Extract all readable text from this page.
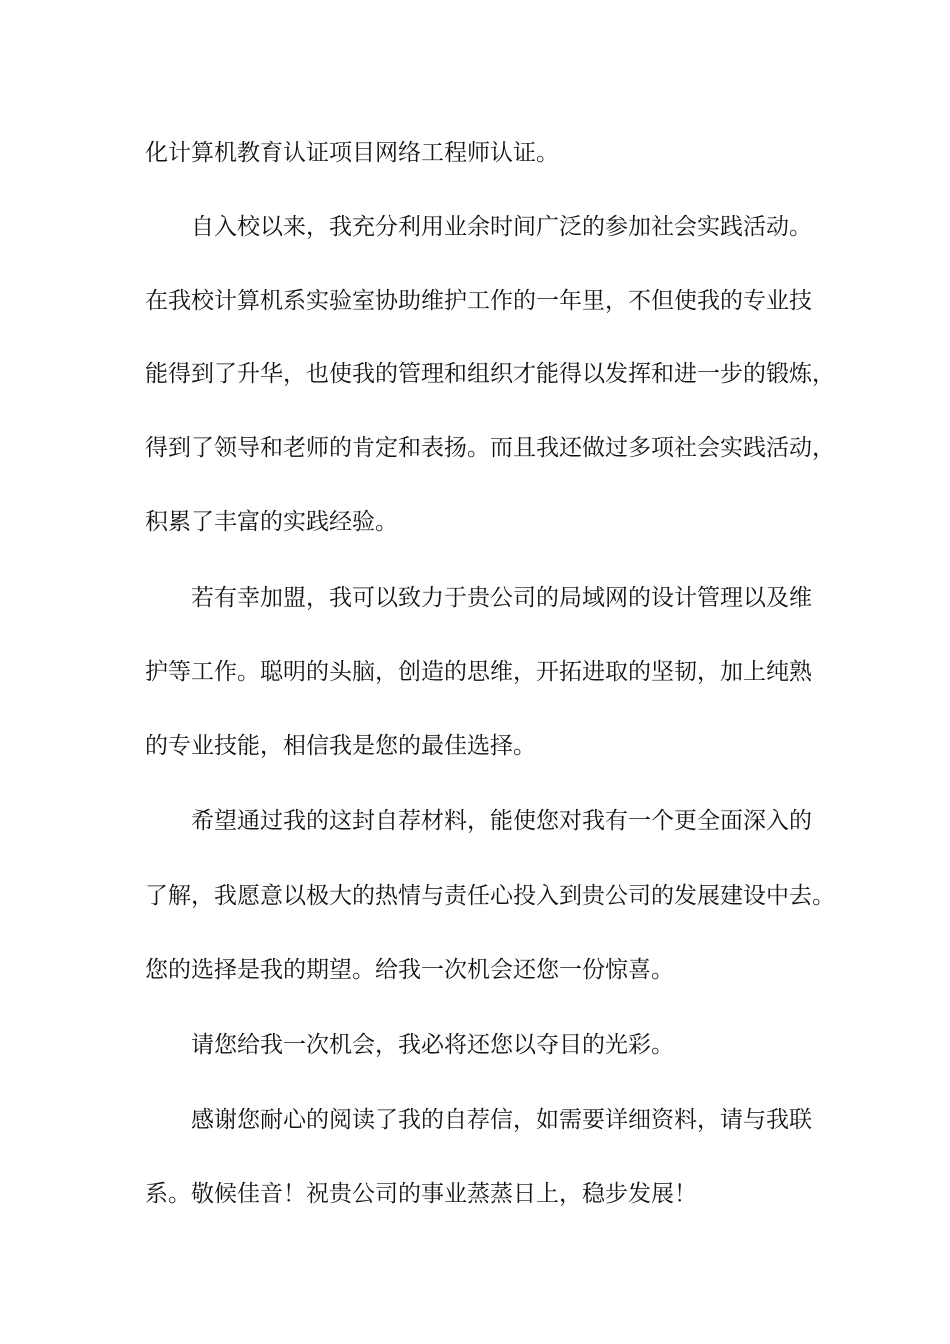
化计算机教育认证项目网络工程师认证。
自入校以来，我充分利用业余时间广泛的参加社会实践活动。
在我校计算机系实验室协助维护工作的一年里，不但使我的专业技
能得到了升华，也使我的管理和组织才能得以发挥和进一步的锻炼，
得到了领导和老师的肯定和表扬。而且我还做过多项社会实践活动，
积累了丰富的实践经验。
若有幸加盟，我可以致力于贵公司的局域网的设计管理以及维
护等工作。聪明的头脑，创造的思维，开拓进取的坚韧，加上纯熟
的专业技能，相信我是您的最佳选择。
希望通过我的这封自荐材料，能使您对我有一个更全面深入的
了解，我愿意以极大的热情与责任心投入到贵公司的发展建设中去。
您的选择是我的期望。给我一次机会还您一份惊喜。
请您给我一次机会，我必将还您以夺目的光彩。
感谢您耐心的阅读了我的自荐信，如需要详细资料，请与我联
系。敬候佳音！祝贵公司的事业蒸蒸日上，稳步发展！
